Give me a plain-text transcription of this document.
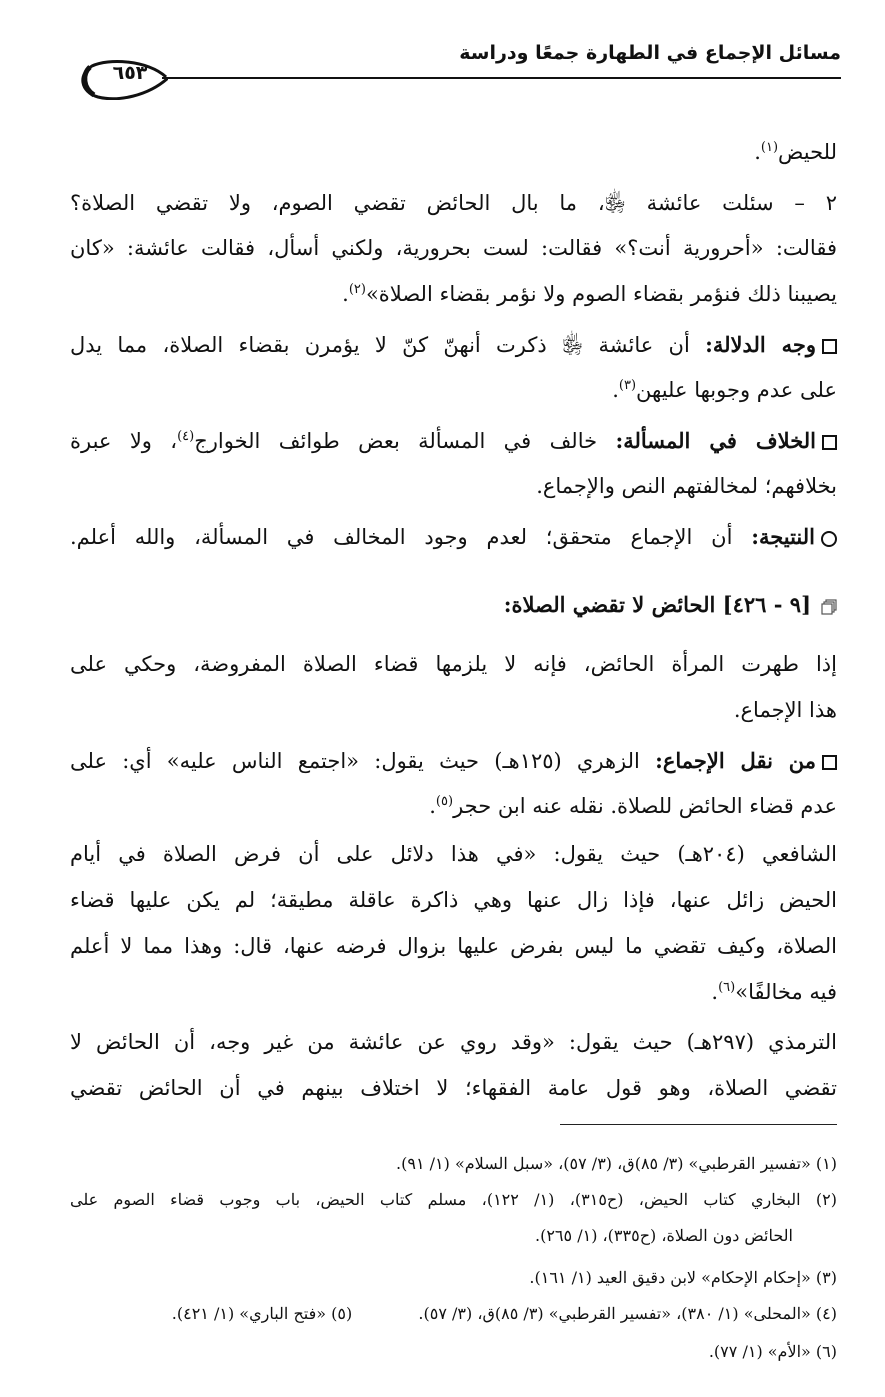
مسائل الإجماع في الطهارة جمعًا ودراسة
٦٥٣
للحيض$^{(١)}$.
٢ – سئلت عائشة ﵂، ما بال الحائض تقضي الصوم، ولا تقضي الصلاة؟
فقالت: «أحرورية أنت؟» فقالت: لست بحرورية، ولكني أسأل، فقالت عائشة: «كان
يصيبنا ذلك فنؤمر بقضاء الصوم ولا نؤمر بقضاء الصلاة»$^{(٢)}$.
وجه الدلالة: أن عائشة ﵂ ذكرت أنهنّ كنّ لا يؤمرن بقضاء الصلاة، مما يدل
على عدم وجوبها عليهن$^{(٣)}$.
الخلاف في المسألة: خالف في المسألة بعض طوائف الخوارج$^{(٤)}$، ولا عبرة
بخلافهم؛ لمخالفتهم النص والإجماع.
النتيجة: أن الإجماع متحقق؛ لعدم وجود المخالف في المسألة، والله أعلم.
[٩ - ٤٢٦] الحائض لا تقضي الصلاة:
إذا طهرت المرأة الحائض، فإنه لا يلزمها قضاء الصلاة المفروضة، وحكي على
هذا الإجماع.
من نقل الإجماع: الزهري (١٢٥هـ) حيث يقول: «اجتمع الناس عليه» أي: على
عدم قضاء الحائض للصلاة. نقله عنه ابن حجر$^{(٥)}$.
الشافعي (٢٠٤هـ) حيث يقول: «في هذا دلائل على أن فرض الصلاة في أيام
الحيض زائل عنها، فإذا زال عنها وهي ذاكرة عاقلة مطيقة؛ لم يكن عليها قضاء
الصلاة، وكيف تقضي ما ليس بفرض عليها بزوال فرضه عنها، قال: وهذا مما لا أعلم
فيه مخالفًا»$^{(٦)}$.
الترمذي (٢٩٧هـ) حيث يقول: «وقد روي عن عائشة من غير وجه، أن الحائض لا
تقضي الصلاة، وهو قول عامة الفقهاء؛ لا اختلاف بينهم في أن الحائض تقضي
(١) «تفسير القرطبي» (٣/ ٨٥)ق، (٣/ ٥٧)، «سبل السلام» (١/ ٩١).
(٢) البخاري كتاب الحيض، (ح٣١٥)، (١/ ١٢٢)، مسلم كتاب الحيض، باب وجوب قضاء الصوم على
الحائض دون الصلاة، (ح٣٣٥)، (١/ ٢٦٥).
(٣) «إحكام الإحكام» لابن دقيق العيد (١/ ١٦١).
(٤) «المحلى» (١/ ٣٨٠)، «تفسير القرطبي» (٣/ ٨٥)ق، (٣/ ٥٧).  (٥) «فتح الباري» (١/ ٤٢١).
(٦) «الأم» (١/ ٧٧).
